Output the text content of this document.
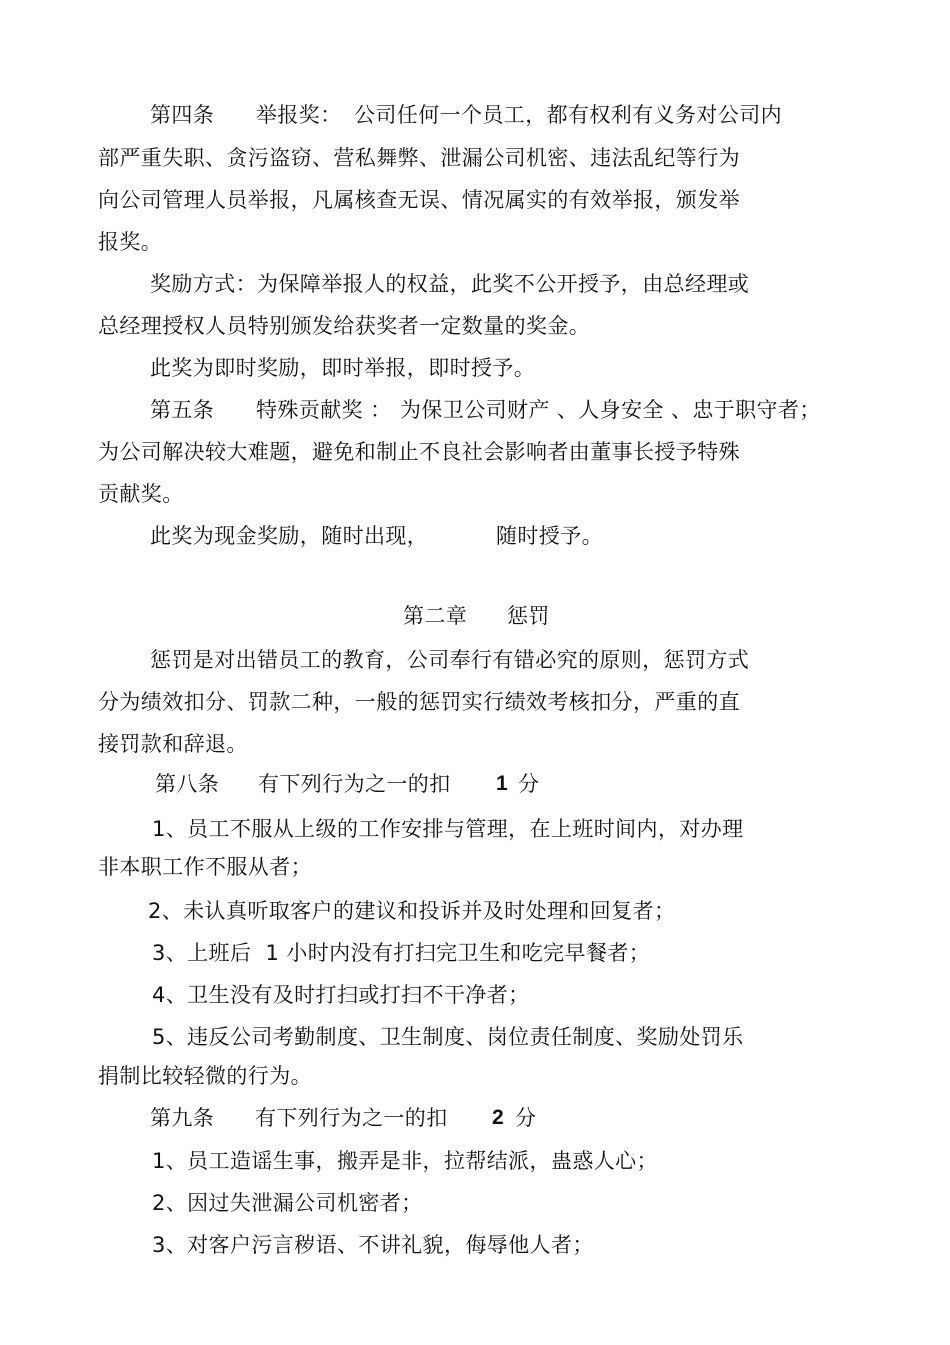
第四条 举报奖： 公司任何一个员工，都有权利有义务对公司内
部严重失职、贪污盗窃、营私舞弊、泄漏公司机密、违法乱纪等行为
向公司管理人员举报，凡属核查无误、情况属实的有效举报，颁发举
报奖。
奖励方式：为保障举报人的权益，此奖不公开授予，由总经理或
总经理授权人员特别颁发给获奖者一定数量的奖金。
此奖为即时奖励，即时举报，即时授予。
第五条 特殊贡献奖 ： 为保卫公司财产 、人身安全 、忠于职守者；
为公司解决较大难题，避免和制止不良社会影响者由董事长授予特殊
贡献奖。
此奖为现金奖励，随时出现，	随时授予。
第二章 惩罚
惩罚是对出错员工的教育，公司奉行有错必究的原则，惩罚方式
分为绩效扣分、罚款二种，一般的惩罚实行绩效考核扣分，严重的直
接罚款和辞退。
第八条 有下列行为之一的扣 1 分
1、员工不服从上级的工作安排与管理，在上班时间内，对办理
非本职工作不服从者；
2、未认真听取客户的建议和投诉并及时处理和回复者；
3、上班后  1 小时内没有打扫完卫生和吃完早餐者；
4、卫生没有及时打扫或打扫不干净者；
5、违反公司考勤制度、卫生制度、岗位责任制度、奖励处罚乐
捐制比较轻微的行为。
第九条 有下列行为之一的扣 2 分
1、员工造谣生事，搬弄是非，拉帮结派，蛊惑人心；
2、因过失泄漏公司机密者；
3、对客户污言秽语、不讲礼貌，侮辱他人者；
